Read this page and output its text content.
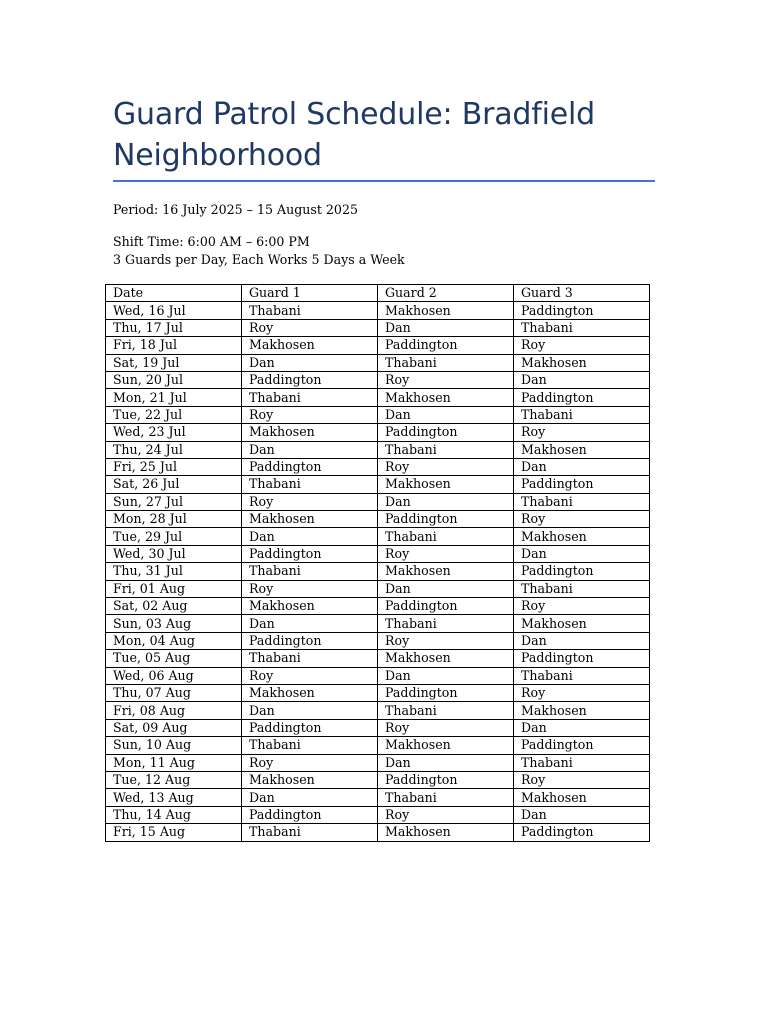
Guard Patrol Schedule: Bradfield Neighborhood

Period: 16 July 2025 – 15 August 2025

Shift Time: 6:00 AM – 6:00 PM

3 Guards per Day, Each Works 5 Days a Week

Date	Guard 1	Guard 2	Guard 3
Wed, 16 Jul	Thabani	Makhosen	Paddington
Thu, 17 Jul	Roy	Dan	Thabani
Fri, 18 Jul	Makhosen	Paddington	Roy
Sat, 19 Jul	Dan	Thabani	Makhosen
Sun, 20 Jul	Paddington	Roy	Dan
Mon, 21 Jul	Thabani	Makhosen	Paddington
Tue, 22 Jul	Roy	Dan	Thabani
Wed, 23 Jul	Makhosen	Paddington	Roy
Thu, 24 Jul	Dan	Thabani	Makhosen
Fri, 25 Jul	Paddington	Roy	Dan
Sat, 26 Jul	Thabani	Makhosen	Paddington
Sun, 27 Jul	Roy	Dan	Thabani
Mon, 28 Jul	Makhosen	Paddington	Roy
Tue, 29 Jul	Dan	Thabani	Makhosen
Wed, 30 Jul	Paddington	Roy	Dan
Thu, 31 Jul	Thabani	Makhosen	Paddington
Fri, 01 Aug	Roy	Dan	Thabani
Sat, 02 Aug	Makhosen	Paddington	Roy
Sun, 03 Aug	Dan	Thabani	Makhosen
Mon, 04 Aug	Paddington	Roy	Dan
Tue, 05 Aug	Thabani	Makhosen	Paddington
Wed, 06 Aug	Roy	Dan	Thabani
Thu, 07 Aug	Makhosen	Paddington	Roy
Fri, 08 Aug	Dan	Thabani	Makhosen
Sat, 09 Aug	Paddington	Roy	Dan
Sun, 10 Aug	Thabani	Makhosen	Paddington
Mon, 11 Aug	Roy	Dan	Thabani
Tue, 12 Aug	Makhosen	Paddington	Roy
Wed, 13 Aug	Dan	Thabani	Makhosen
Thu, 14 Aug	Paddington	Roy	Dan
Fri, 15 Aug	Thabani	Makhosen	Paddington
